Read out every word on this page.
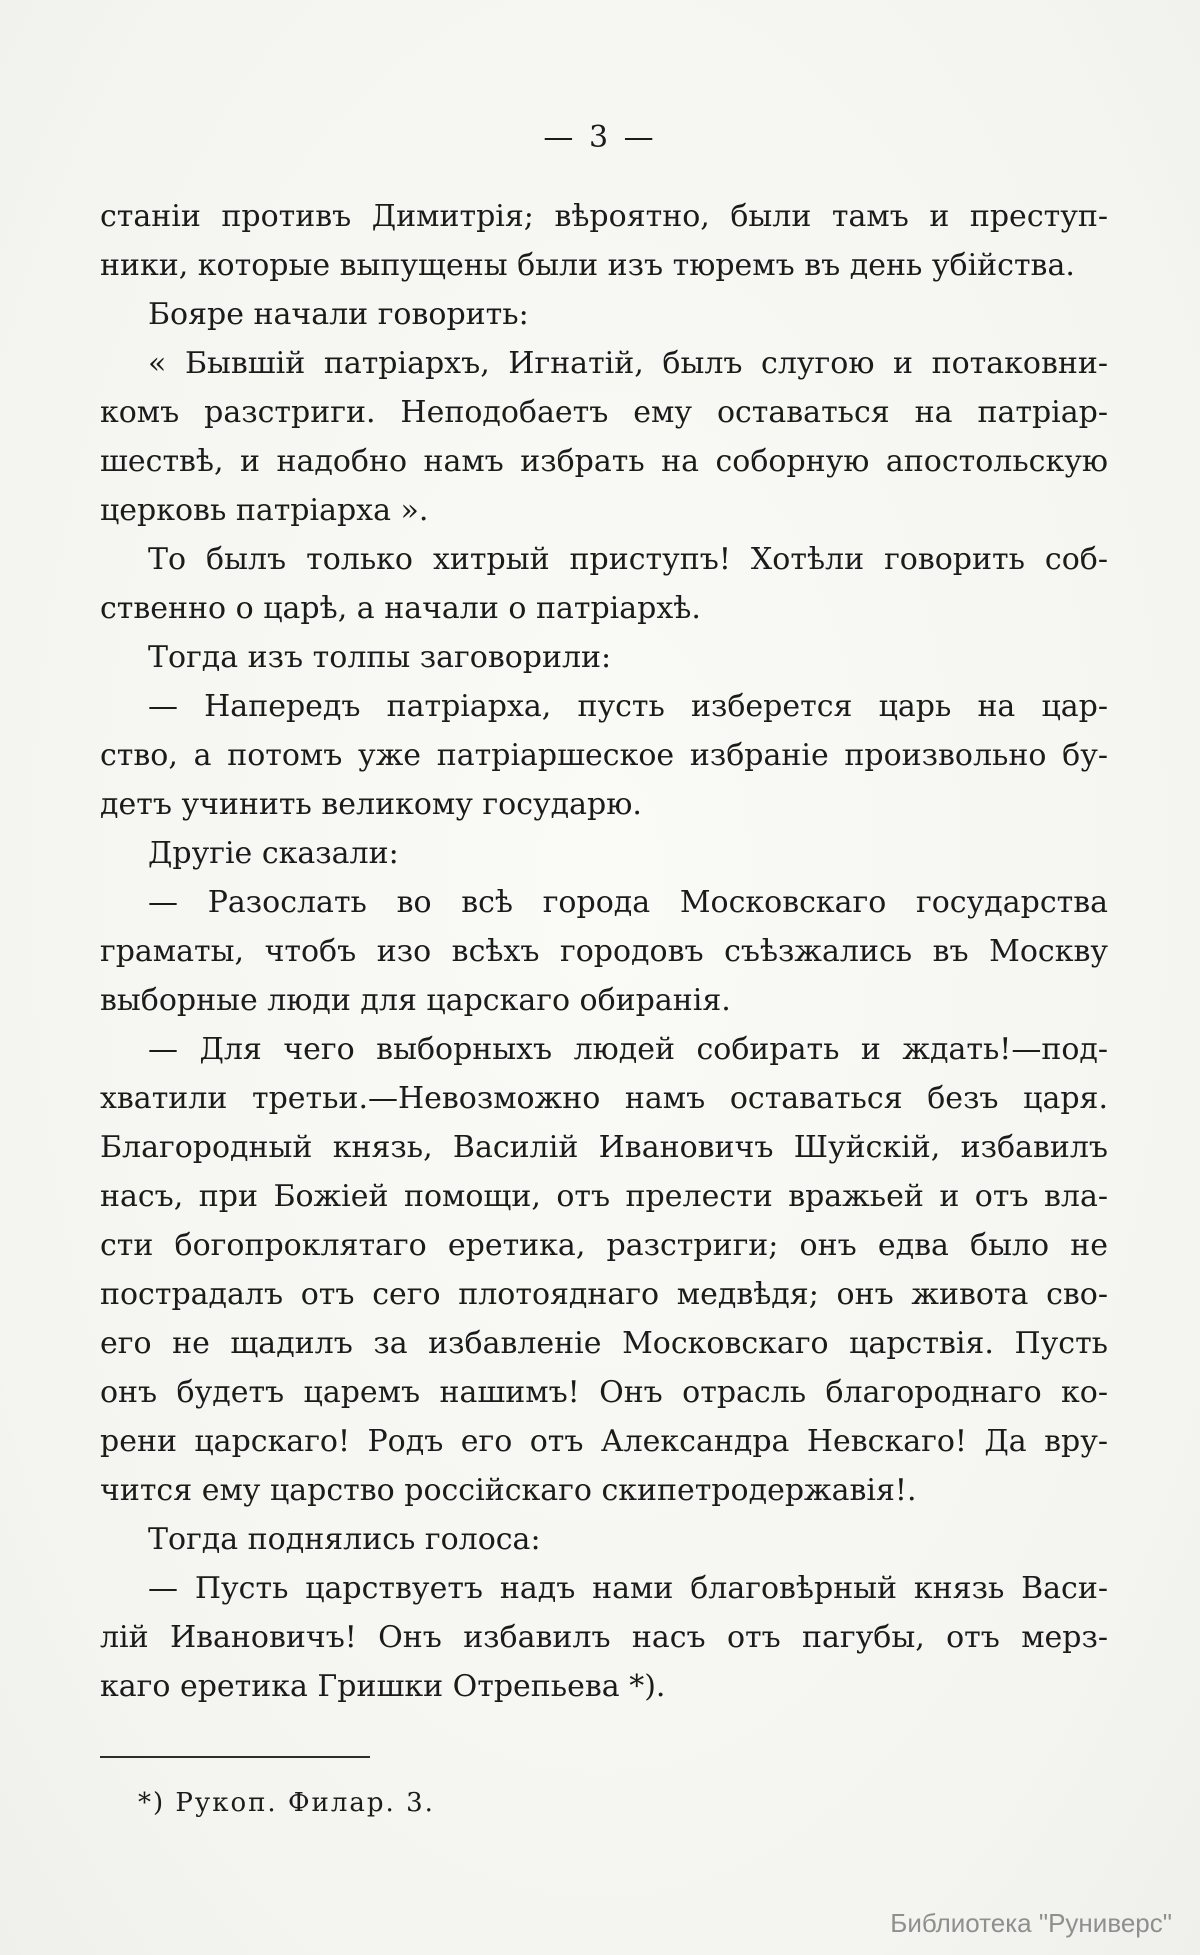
— 3 —
станіи противъ Димитрія; вѣроятно, были тамъ и преступ-
ники, которые выпущены были изъ тюремъ въ день убійства.
Бояре начали говорить:
« Бывшій патріархъ, Игнатій, былъ слугою и потаковни-
комъ разстриги. Неподобаетъ ему оставаться на патріар-
шествѣ, и надобно намъ избрать на соборную апостольскую
церковь патріарха ».
То былъ только хитрый приступъ! Хотѣли говорить соб-
ственно о царѣ, а начали о патріархѣ.
Тогда изъ толпы заговорили:
— Напередъ патріарха, пусть изберется царь на цар-
ство, а потомъ уже патріаршеское избраніе произвольно бу-
детъ учинить великому государю.
Другіе сказали:
— Разослать во всѣ города Московскаго государства
граматы, чтобъ изо всѣхъ городовъ съѣзжались въ Москву
выборные люди для царскаго обиранія.
— Для чего выборныхъ людей собирать и ждать!—под-
хватили третьи.—Невозможно намъ оставаться безъ царя.
Благородный князь, Василій Ивановичъ Шуйскій, избавилъ
насъ, при Божіей помощи, отъ прелести вражьей и отъ вла-
сти богопроклятаго еретика, разстриги; онъ едва было не
пострадалъ отъ сего плотояднаго медвѣдя; онъ живота сво-
его не щадилъ за избавленіе Московскаго царствія. Пусть
онъ будетъ царемъ нашимъ! Онъ отрасль благороднаго ко-
рени царскаго! Родъ его отъ Александра Невскаго! Да вру-
чится ему царство россійскаго скипетродержавія!.
Тогда поднялись голоса:
— Пусть царствуетъ надъ нами благовѣрный князь Васи-
лій Ивановичъ! Онъ избавилъ насъ отъ пагубы, отъ мерз-
каго еретика Гришки Отрепьева *).
*) Рукоп. Филар. 3.
Библиотека "Руниверс"
